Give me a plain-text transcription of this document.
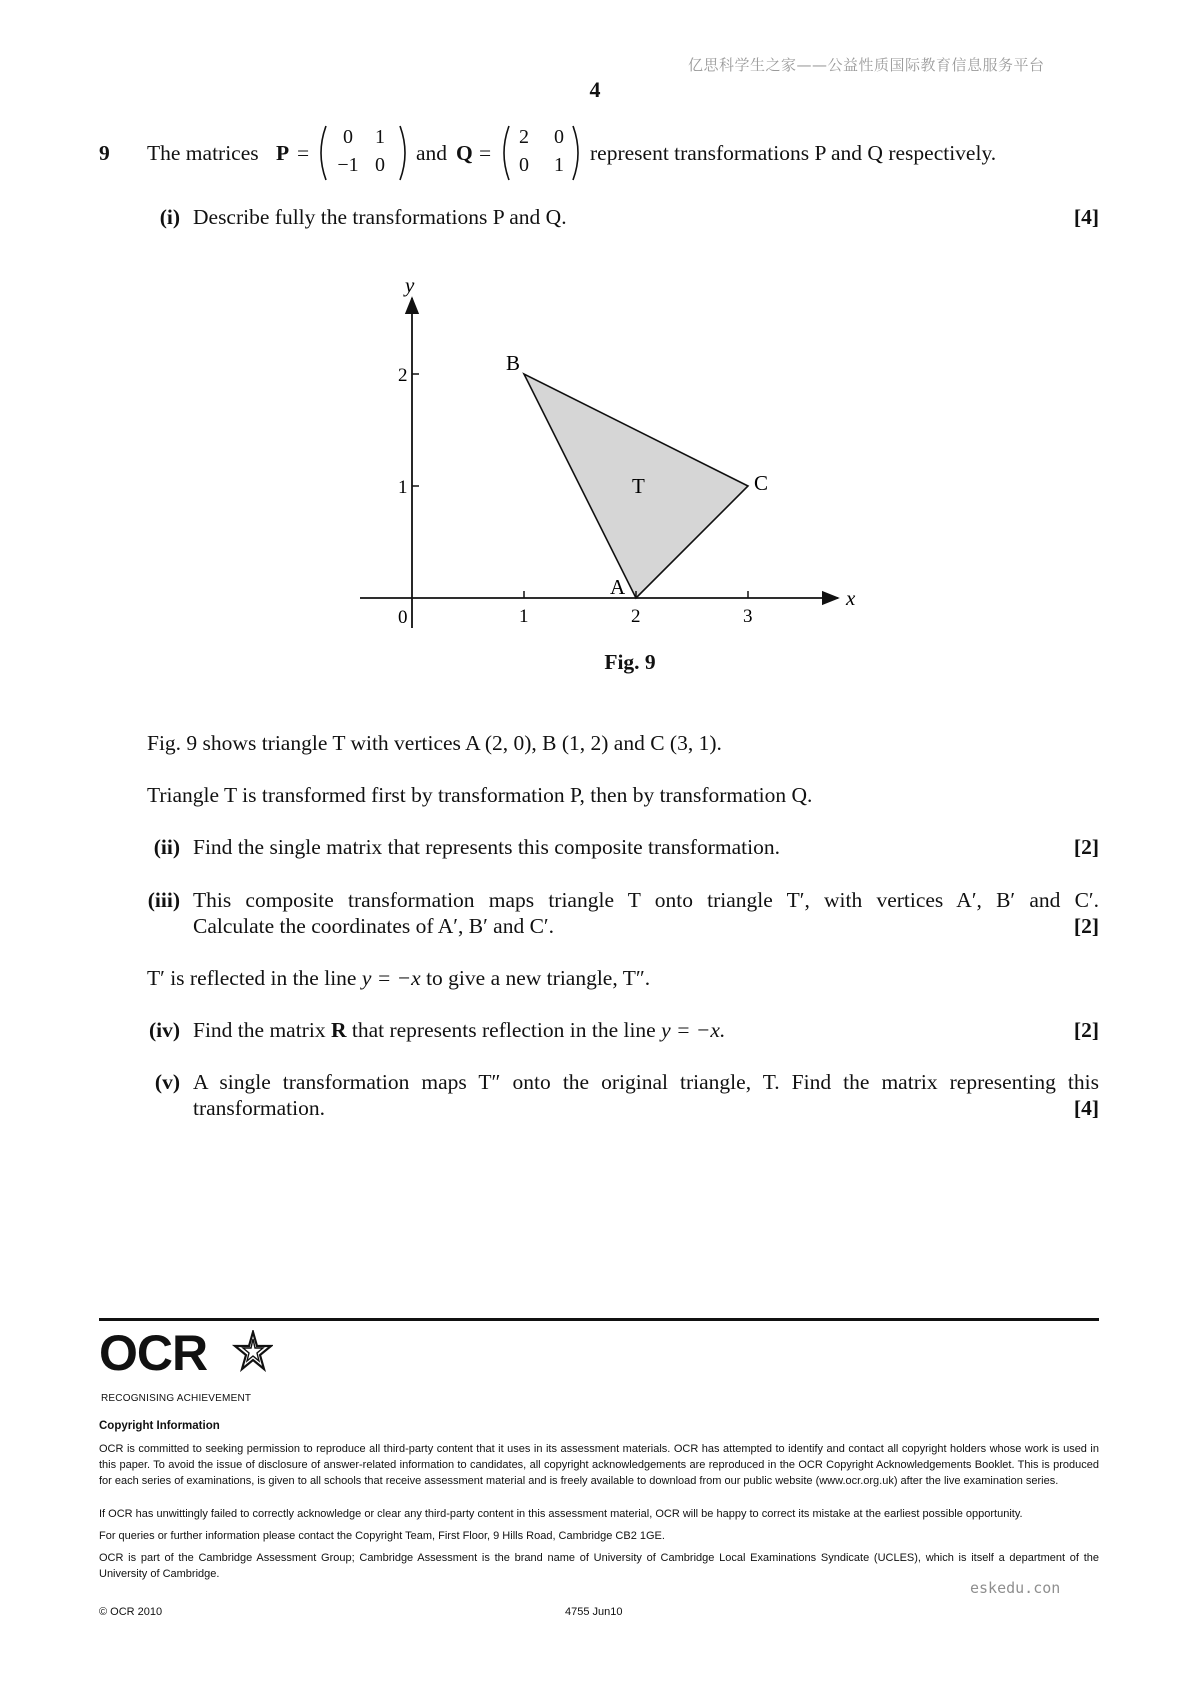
亿思科学生之家——公益性质国际教育信息服务平台
4
9 The matrices P =
0	1
−1 0	and Q =
2	0
0	1	represent transformations P and Q respectively.
(i) Describe fully the transformations P and Q.	[4]
1	2	3
1
2
x
y
0
T
A
B
C
Fig. 9
Fig. 9 shows triangle T with vertices A (2, 0), B (1, 2) and C (3, 1).
Triangle T is transformed first by transformation P, then by transformation Q.
(ii) Find the single matrix that represents this composite transformation.	[2]
(iii) This composite transformation maps triangle T onto triangle T′, with vertices A′, B′ and C′.
Calculate the coordinates of A′, B′ and C′.	[2]
T′ is reflected in the line y = −x to give a new triangle, T″.
(iv) Find the matrix R that represents reflection in the line y = −x.	[2]
(v) A single transformation maps T″ onto the original triangle, T. Find the matrix representing this
transformation.	[4]
OCR
RECOGNISING ACHIEVEMENT
Copyright Information
OCR is committed to seeking permission to reproduce all third-party content that it uses in its assessment materials. OCR has attempted to identify and contact all copyright holders whose work is used in this paper. To avoid the issue of disclosure of answer-related information to candidates, all copyright acknowledgements are reproduced in the OCR Copyright Acknowledgements Booklet. This is produced for each series of examinations, is given to all schools that receive assessment material and is freely available to download from our public website (www.ocr.org.uk) after the live examination series.
If OCR has unwittingly failed to correctly acknowledge or clear any third-party content in this assessment material, OCR will be happy to correct its mistake at the earliest possible opportunity.
For queries or further information please contact the Copyright Team, First Floor, 9 Hills Road, Cambridge CB2 1GE.
OCR is part of the Cambridge Assessment Group; Cambridge Assessment is the brand name of University of Cambridge Local Examinations Syndicate (UCLES), which is itself a department of the University of Cambridge.
eskedu.con
© OCR 2010	4755 Jun10
